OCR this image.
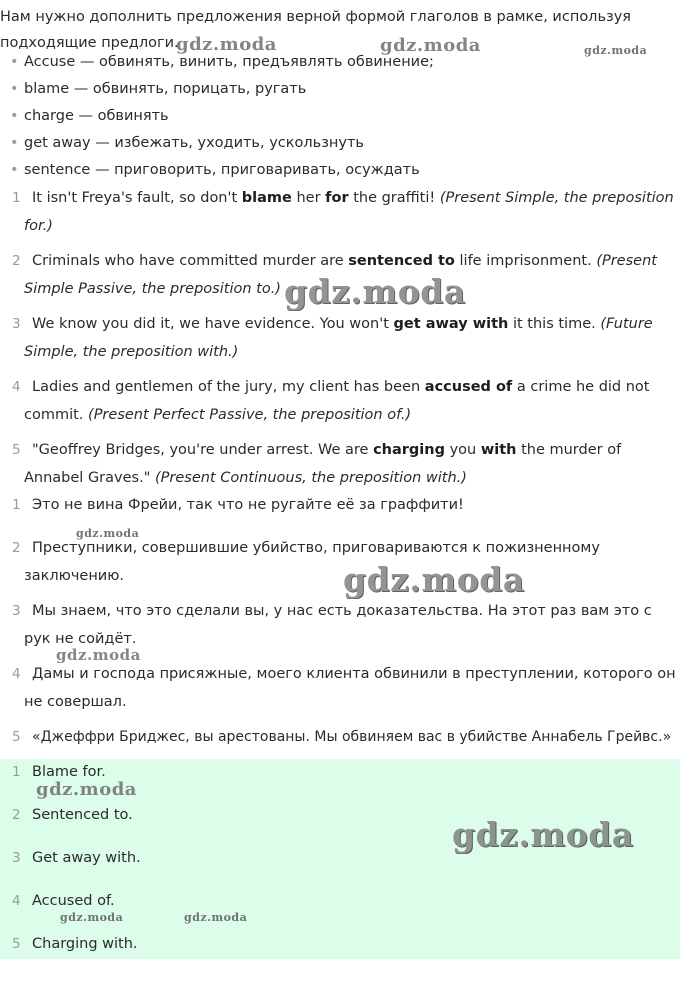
Нам нужно дополнить предложения верной формой глаголов в рамке, используя подходящие предлоги.
• Accuse — обвинять, винить, предъявлять обвинение;
• blame — обвинять, порицать, ругать
• charge — обвинять
• get away — избежать, уходить, ускользнуть
• sentence — приговорить, приговаривать, осуждать
1 It isn't Freya's fault, so don't blame her for the graffiti! (Present Simple, the preposition for.)
2 Criminals who have committed murder are sentenced to life imprisonment. (Present Simple Passive, the preposition to.)
3 We know you did it, we have evidence. You won't get away with it this time. (Future Simple, the preposition with.)
4 Ladies and gentlemen of the jury, my client has been accused of a crime he did not commit. (Present Perfect Passive, the preposition of.)
5 "Geoffrey Bridges, you're under arrest. We are charging you with the murder of Annabel Graves." (Present Continuous, the preposition with.)
1 Это не вина Фрейи, так что не ругайте её за граффити!
2 Преступники, совершившие убийство, приговариваются к пожизненному заключению.
3 Мы знаем, что это сделали вы, у нас есть доказательства. На этот раз вам это с рук не сойдёт.
4 Дамы и господа присяжные, моего клиента обвинили в преступлении, которого он не совершал.
5 «Джеффри Бриджес, вы арестованы. Мы обвиняем вас в убийстве Аннабель Грейвс.»
1 Blame for.
2 Sentenced to.
3 Get away with.
4 Accused of.
5 Charging with.
gdz.moda	gdz.moda	gdz.moda
gdz.moda
gdz.moda
gdz.moda
gdz.moda
gdz.moda
gdz.moda
gdz.moda	gdz.moda
